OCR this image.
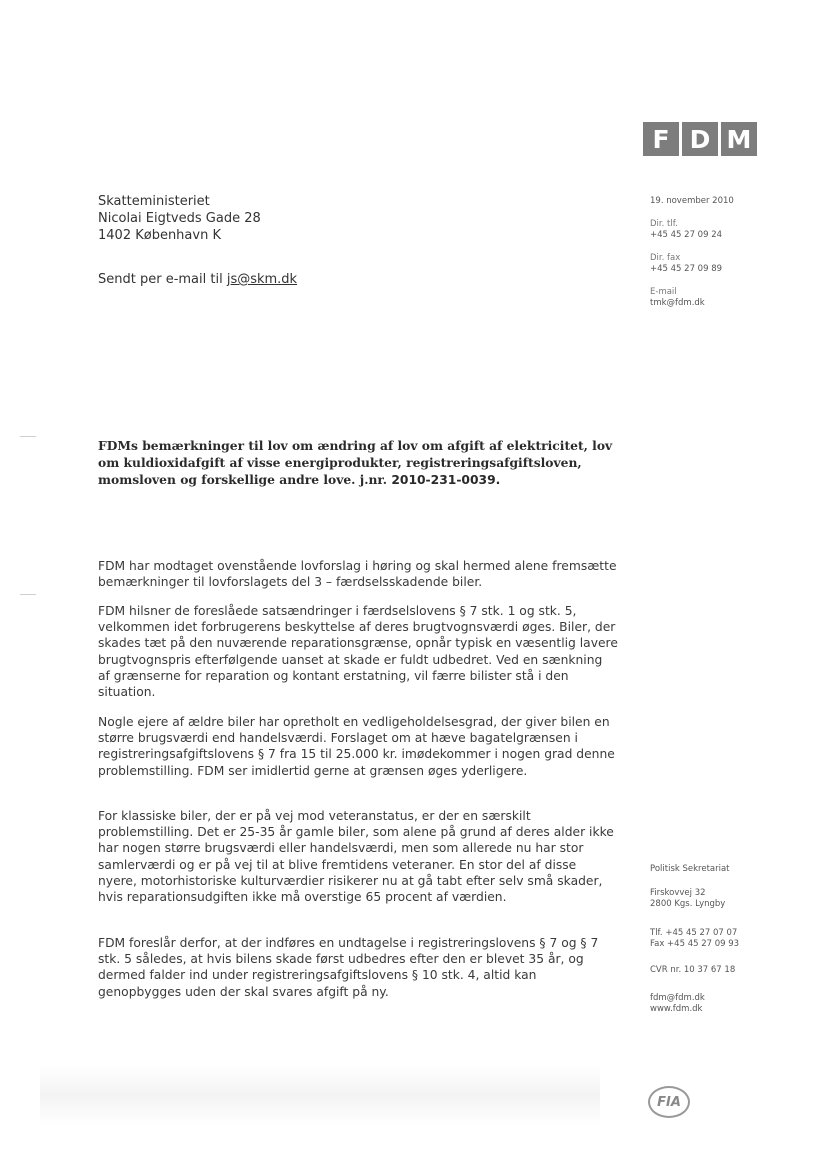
F D M
Skatteministeriet
Nicolai Eigtveds Gade 28
1402 København K
Sendt per e-mail til js@skm.dk
19. november 2010
Dir. tlf.
+45 45 27 09 24
Dir. fax
+45 45 27 09 89
E-mail
tmk@fdm.dk
FDMs bemærkninger til lov om ændring af lov om afgift af elektricitet, lov om kuldioxidafgift af visse energiprodukter, registreringsafgiftsloven, momsloven og forskellige andre love. j.nr. 2010-231-0039.
FDM har modtaget ovenstående lovforslag i høring og skal hermed alene fremsætte bemærkninger til lovforslagets del 3 – færdselsskadende biler.
FDM hilsner de foreslåede satsændringer i færdselslovens § 7 stk. 1 og stk. 5, velkommen idet forbrugerens beskyttelse af deres brugtvognsværdi øges. Biler, der skades tæt på den nuværende reparationsgrænse, opnår typisk en væsentlig lavere brugtvognspris efterfølgende uanset at skade er fuldt udbedret. Ved en sænkning af grænserne for reparation og kontant erstatning, vil færre bilister stå i den situation.
Nogle ejere af ældre biler har opretholt en vedligeholdelsesgrad, der giver bilen en større brugsværdi end handelsværdi. Forslaget om at hæve bagatelgrænsen i registreringsafgiftslovens § 7 fra 15 til 25.000 kr. imødekommer i nogen grad denne problemstilling. FDM ser imidlertid gerne at grænsen øges yderligere.
For klassiske biler, der er på vej mod veteranstatus, er der en særskilt problemstilling. Det er 25-35 år gamle biler, som alene på grund af deres alder ikke har nogen større brugsværdi eller handelsværdi, men som allerede nu har stor samlerværdi og er på vej til at blive fremtidens veteraner. En stor del af disse nyere, motorhistoriske kulturværdier risikerer nu at gå tabt efter selv små skader, hvis reparationsudgiften ikke må overstige 65 procent af værdien.
FDM foreslår derfor, at der indføres en undtagelse i registreringslovens § 7 og § 7 stk. 5 således, at hvis bilens skade først udbedres efter den er blevet 35 år, og dermed falder ind under registreringsafgiftslovens § 10 stk. 4, altid kan genopbygges uden der skal svares afgift på ny.
Politisk Sekretariat
Firskovvej 32
2800 Kgs. Lyngby
Tlf. +45 45 27 07 07
Fax +45 45 27 09 93
CVR nr. 10 37 67 18
fdm@fdm.dk
www.fdm.dk
FIA
